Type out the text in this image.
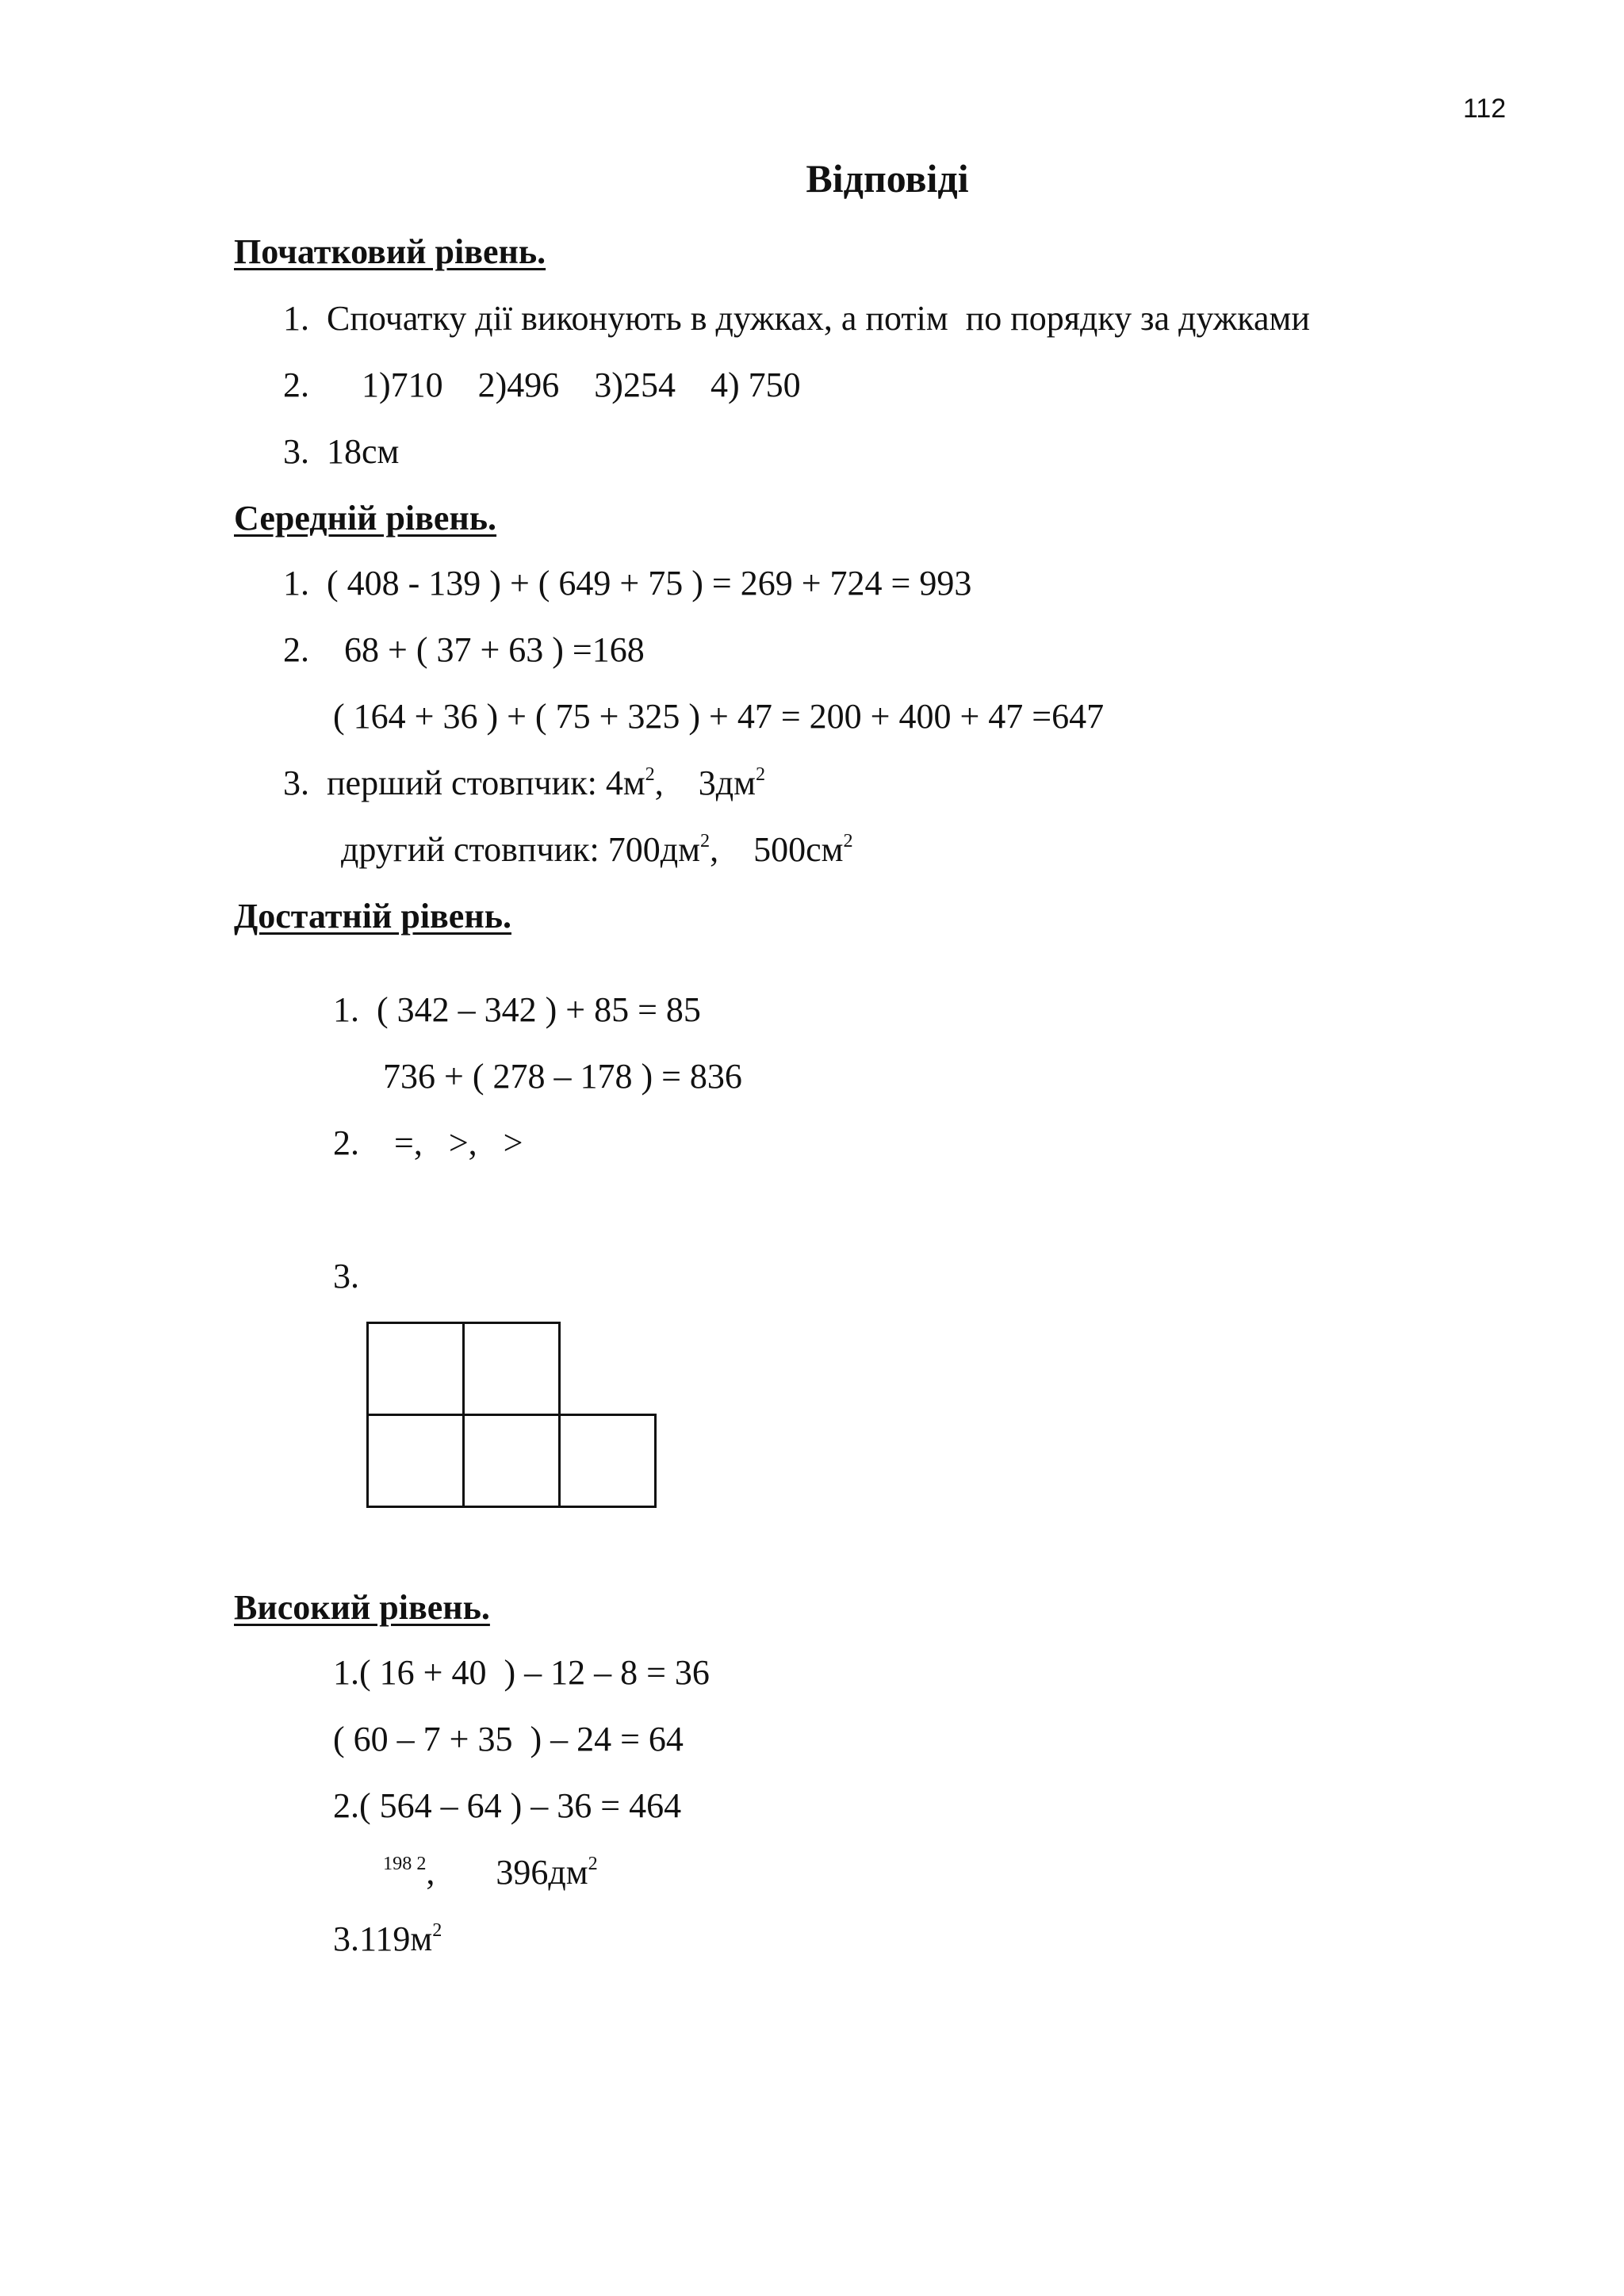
112
Відповіді
Початковий рівень.
1.  Спочатку дії виконують в дужках, а потім  по порядку за дужками
2.      1)710    2)496    3)254    4) 750
3.  18см
Середній рівень.
1.  ( 408 - 139 ) + ( 649 + 75 ) = 269 + 724 = 993
2.    68 + ( 37 + 63 ) =168
( 164 + 36 ) + ( 75 + 325 ) + 47 = 200 + 400 + 47 =647
3.  перший стовпчик: $4м^2$,    $3дм^2$
другий стовпчик: $700дм^2$,    $500см^2$
Достатній рівень.
1.  ( 342 – 342 ) + 85 = 85
736 + ( 278 – 178 ) = 836
2.    =,   >,   >
3.
Високий рівень.
1.( 16 + 40  ) – 12 – 8 = 36
( 60 – 7 + 35  ) – 24 = 64
2.( 564 – 64 ) – 36 = 464
$^{198 2}$,       $396дм^2$
$3.119м^2$
